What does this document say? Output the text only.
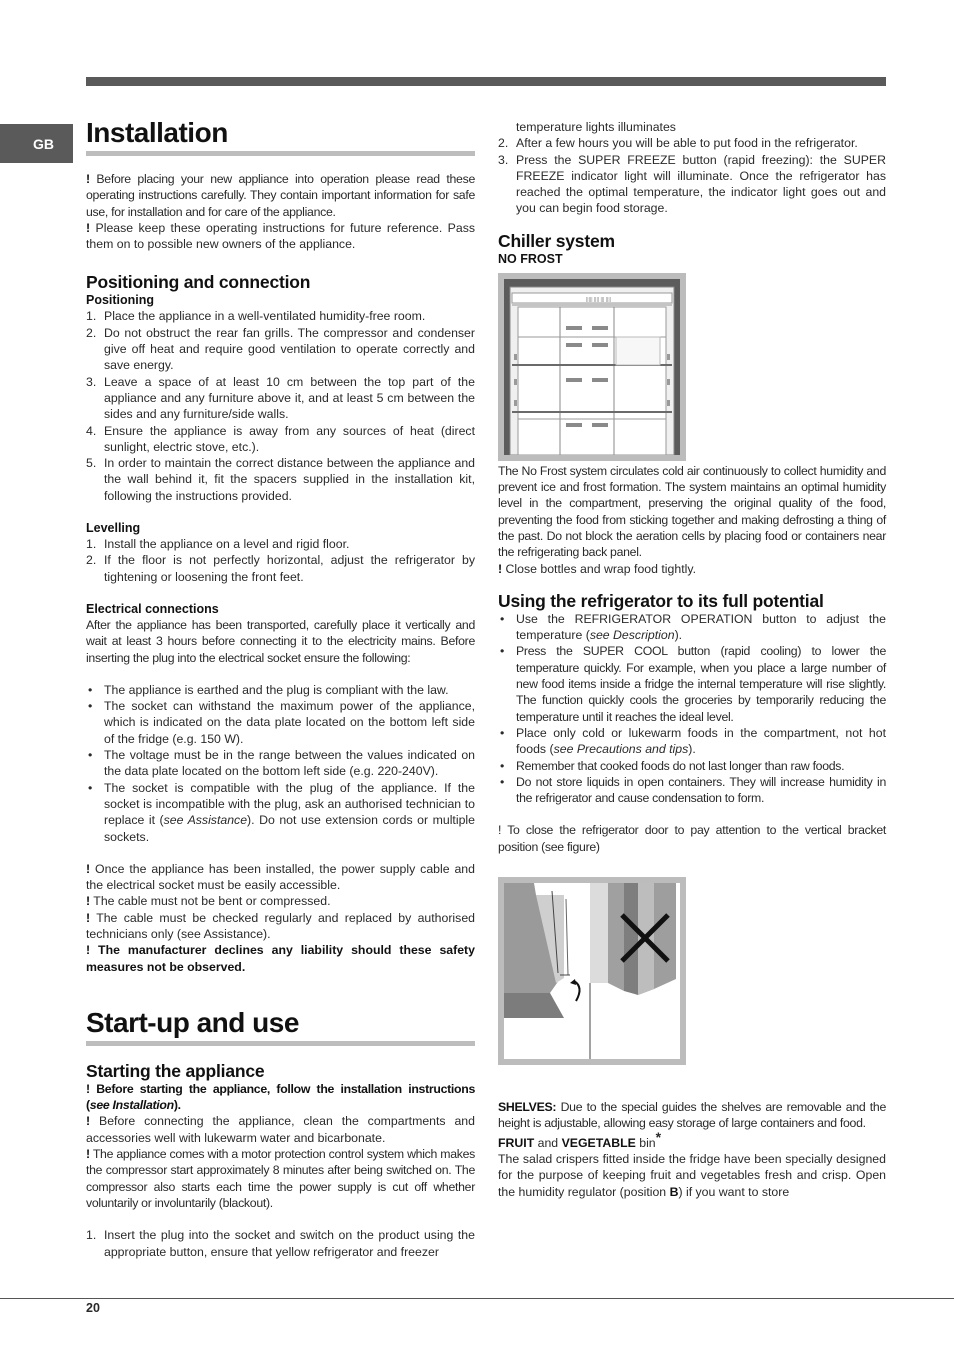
GB Installation

! Before placing your new appliance into operation please read these operating instructions carefully. They contain important information for safe use, for installation and for care of the appliance.

! Please keep these operating instructions for future reference. Pass them on to possible new owners of the appliance.

Positioning and connection
Positioning
1. Place the appliance in a well-ventilated humidity-free room.
2. Do not obstruct the rear fan grills. The compressor and condenser give off heat and require good ventilation to operate correctly and save energy.
3. Leave a space of at least 10 cm between the top part of the appliance and any furniture above it, and at least 5 cm between the sides and any furniture/side walls.
4. Ensure the appliance is away from any sources of heat (direct sunlight, electric stove, etc.).
5. In order to maintain the correct distance between the appliance and the wall behind it, fit the spacers supplied in the installation kit, following the instructions provided.
Levelling
1. Install the appliance on a level and rigid floor.
2. If the floor is not perfectly horizontal, adjust the refrigerator by tightening or loosening the front feet.
Electrical connections

After the appliance has been transported, carefully place it vertically and wait at least 3 hours before connecting it to the electricity mains. Before inserting the plug into the electrical socket ensure the following:

• The appliance is earthed and the plug is compliant with the law.
• The socket can withstand the maximum power of the appliance, which is indicated on the data plate located on the bottom left side of the fridge (e.g. 150 W).
• The voltage must be in the range between the values indicated on the data plate located on the bottom left side (e.g. 220-240V).
• The socket is compatible with the plug of the appliance. If the socket is incompatible with the plug, ask an authorised technician to replace it (see Assistance). Do not use extension cords or multiple sockets.

! Once the appliance has been installed, the power supply cable and the electrical socket must be easily accessible.

! The cable must not be bent or compressed.

! The cable must be checked regularly and replaced by authorised technicians only (see Assistance).

! The manufacturer declines any liability should these safety measures not be observed.

Start-up and use
Starting the appliance

! Before starting the appliance, follow the installation instructions (see Installation).

! Before connecting the appliance, clean the compartments and accessories well with lukewarm water and bicarbonate.

! The appliance comes with a motor protection control system which makes the compressor start approximately 8 minutes after being switched on. The compressor also starts each time the power supply is cut off whether voluntarily or involuntarily (blackout).

1. Insert the plug into the socket and switch on the product using the appropriate button, ensure that yellow refrigerator and freezer
temperature lights illuminates
2. After a few hours you will be able to put food in the refrigerator.
3. Press the SUPER FREEZE button (rapid freezing): the SUPER FREEZE indicator light will illuminate. Once the refrigerator has reached the optimal temperature, the indicator light goes out and you can begin food storage.
Chiller system
NO FROST
||||| |||| ||| ||||

The No Frost system circulates cold air continuously to collect humidity and prevent ice and frost formation. The system maintains an optimal humidity level in the compartment, preserving the original quality of the food, preventing the food from sticking together and making defrosting a thing of the past. Do not block the aeration cells by placing food or containers near the refrigerating back panel.

! Close bottles and wrap food tightly.

Using the refrigerator to its full potential
• Use the REFRIGERATOR OPERATION button to adjust the temperature (see Description).
• Press the SUPER COOL button (rapid cooling) to lower the temperature quickly. For example, when you place a large number of new food items inside a fridge the internal temperature will rise slightly. The function quickly cools the groceries by temporarily reducing the temperature until it reaches the ideal level.
• Place only cold or lukewarm foods in the compartment, not hot foods (see Precautions and tips).
• Remember that cooked foods do not last longer than raw foods.
• Do not store liquids in open containers. They will increase humidity in the refrigerator and cause condensation to form.

! To close the refrigerator door to pay attention to the vertical bracket position (see figure)

SHELVES: Due to the special guides the shelves are removable and the height is adjustable, allowing easy storage of large containers and food.

FRUIT and VEGETABLE bin*

The salad crispers fitted inside the fridge have been specially designed for the purpose of keeping fruit and vegetables fresh and crisp. Open the humidity regulator (position B) if you want to store

20
